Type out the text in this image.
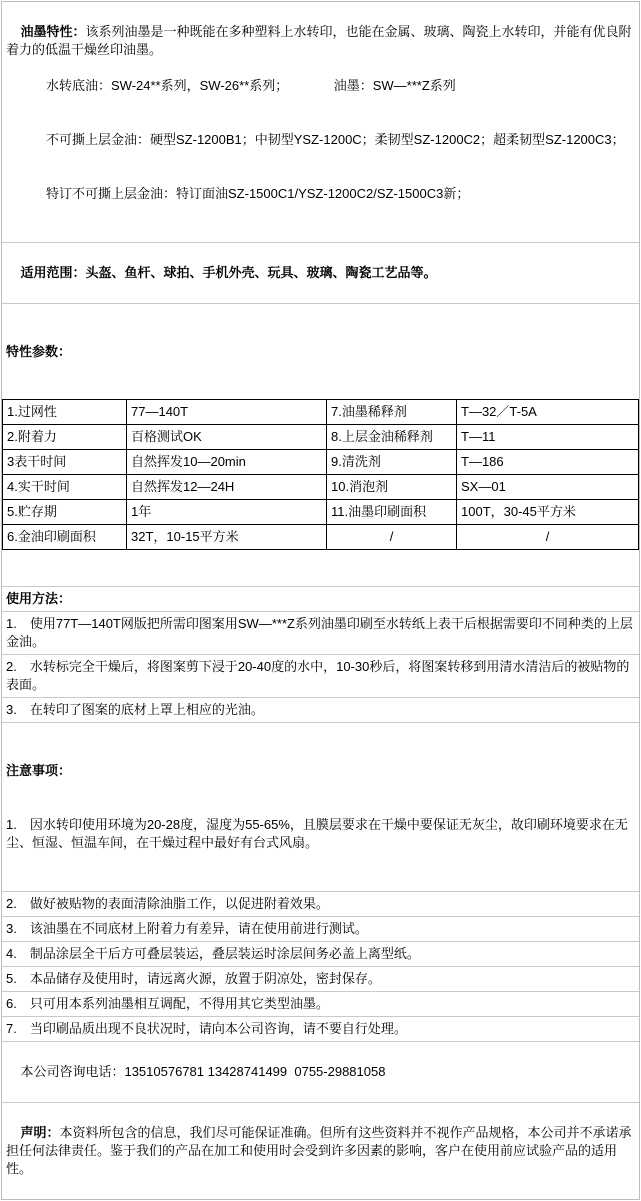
油墨特性：该系列油墨是一种既能在多种塑料上水转印，也能在金属、玻璃、陶瓷上水转印，并能有优良附着力的低温干燥丝印油墨。

水转底油：SW-24**系列，SW-26**系列；　　　　油墨：SW—***Z系列

不可撕上层金油：硬型SZ-1200B1；中韧型YSZ-1200C；柔韧型SZ-1200C2；超柔韧型SZ-1200C3；

特订不可撕上层金油：特订面油SZ-1500C1/YSZ-1200C2/SZ-1500C3新；

适用范围：头盔、鱼杆、球拍、手机外壳、玩具、玻璃、陶瓷工艺品等。

特性参数：

1.过网性	77—140T	7.油墨稀释剂	T—32／T-5A
2.附着力	百格测试OK	8.上层金油稀释剂	T—11
3表干时间	自然挥发10—20min	9.清洗剂	T—186
4.实干时间	自然挥发12—24H	10.消泡剂	SX—01
5.贮存期	1年	11.油墨印刷面积	100T，30-45平方米
6.金油印刷面积	32T，10-15平方米	/	/

使用方法：
1.　使用77T—140T网版把所需印图案用SW—***Z系列油墨印刷至水转纸上表干后根据需要印不同种类的上层金油。
2.　水转标完全干燥后，将图案剪下浸于20-40度的水中，10-30秒后，将图案转移到用清水清洁后的被贴物的表面。
3.　在转印了图案的底材上罩上相应的光油。

注意事项：

1.　因水转印使用环境为20-28度，湿度为55-65%，且膜层要求在干燥中要保证无灰尘，故印刷环境要求在无尘、恒湿、恒温车间，在干燥过程中最好有台式风扇。

2.　做好被贴物的表面清除油脂工作，以促进附着效果。
3.　该油墨在不同底材上附着力有差异，请在使用前进行测试。
4.　制品涂层全干后方可叠层装运，叠层装运时涂层间务必盖上离型纸。
5.　本品储存及使用时，请远离火源，放置于阴凉处，密封保存。
6.　只可用本系列油墨相互调配，不得用其它类型油墨。
7.　当印刷品质出现不良状况时，请向本公司咨询，请不要自行处理。

本公司咨询电话：13510576781 13428741499  0755-29881058

声明：本资料所包含的信息，我们尽可能保证准确。但所有这些资料并不视作产品规格，本公司并不承诺承担任何法律责任。鉴于我们的产品在加工和使用时会受到许多因素的影响，客户在使用前应试验产品的适用性。
